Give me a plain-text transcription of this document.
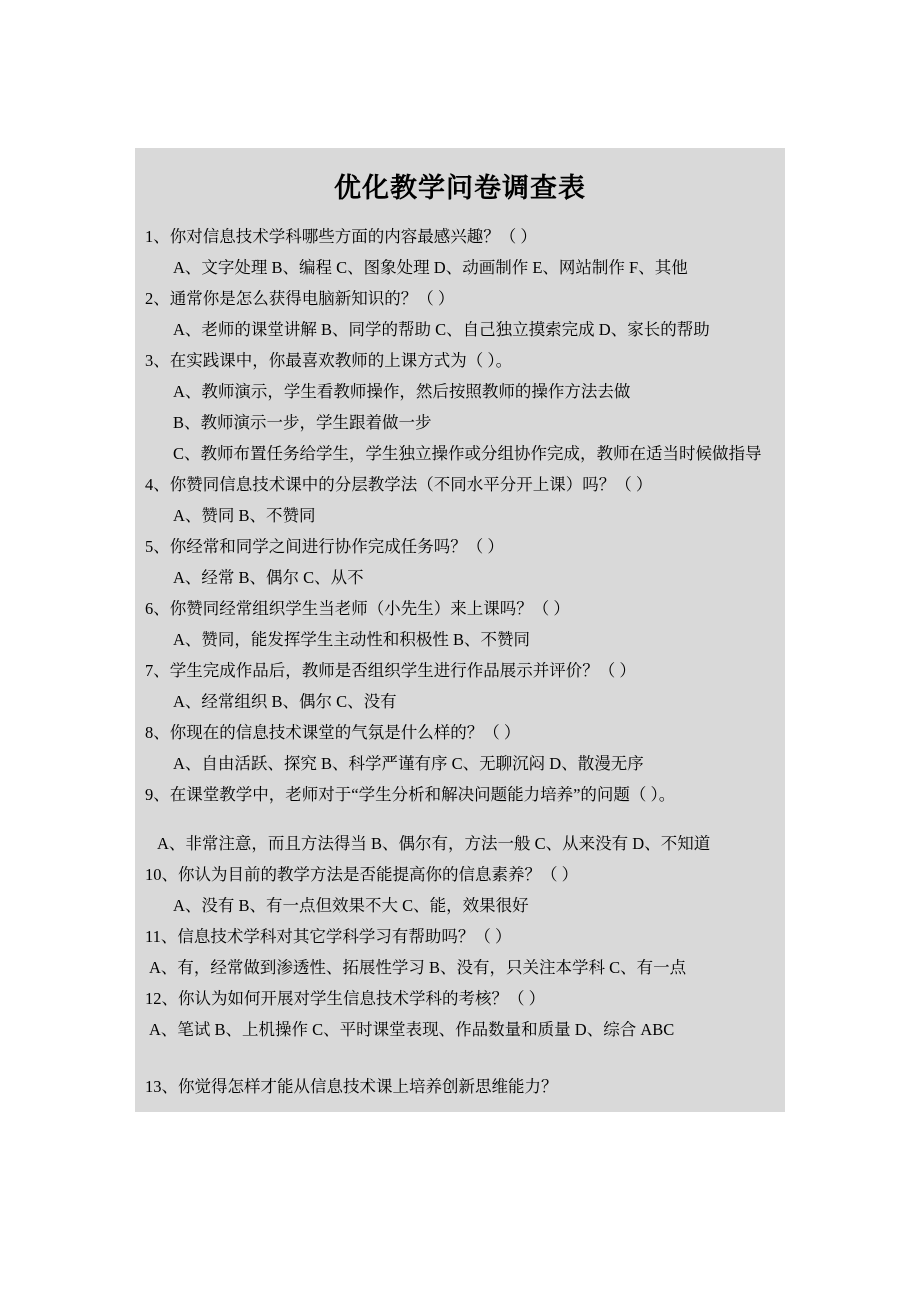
优化教学问卷调查表
1、你对信息技术学科哪些方面的内容最感兴趣？（ ）
A、文字处理 B、编程 C、图象处理 D、动画制作 E、网站制作 F、其他
2、通常你是怎么获得电脑新知识的？（ ）
A、老师的课堂讲解 B、同学的帮助 C、自己独立摸索完成 D、家长的帮助
3、在实践课中，你最喜欢教师的上课方式为（ ）。
A、教师演示，学生看教师操作，然后按照教师的操作方法去做
B、教师演示一步，学生跟着做一步
C、教师布置任务给学生，学生独立操作或分组协作完成，教师在适当时候做指导
4、你赞同信息技术课中的分层教学法（不同水平分开上课）吗？（ ）
A、赞同 B、不赞同
5、你经常和同学之间进行协作完成任务吗？（ ）
A、经常 B、偶尔 C、从不
6、你赞同经常组织学生当老师（小先生）来上课吗？（ ）
A、赞同，能发挥学生主动性和积极性 B、不赞同
7、学生完成作品后，教师是否组织学生进行作品展示并评价？（ ）
A、经常组织 B、偶尔 C、没有
8、你现在的信息技术课堂的气氛是什么样的？（ ）
A、自由活跃、探究 B、科学严谨有序 C、无聊沉闷 D、散漫无序
9、在课堂教学中，老师对于“学生分析和解决问题能力培养”的问题（ ）。
A、非常注意，而且方法得当 B、偶尔有，方法一般 C、从来没有 D、不知道
10、你认为目前的教学方法是否能提高你的信息素养？（ ）
A、没有 B、有一点但效果不大 C、能，效果很好
11、信息技术学科对其它学科学习有帮助吗？（ ）
A、有，经常做到渗透性、拓展性学习 B、没有，只关注本学科 C、有一点
12、你认为如何开展对学生信息技术学科的考核？（ ）
A、笔试 B、上机操作 C、平时课堂表现、作品数量和质量 D、综合 ABC
13、你觉得怎样才能从信息技术课上培养创新思维能力？
